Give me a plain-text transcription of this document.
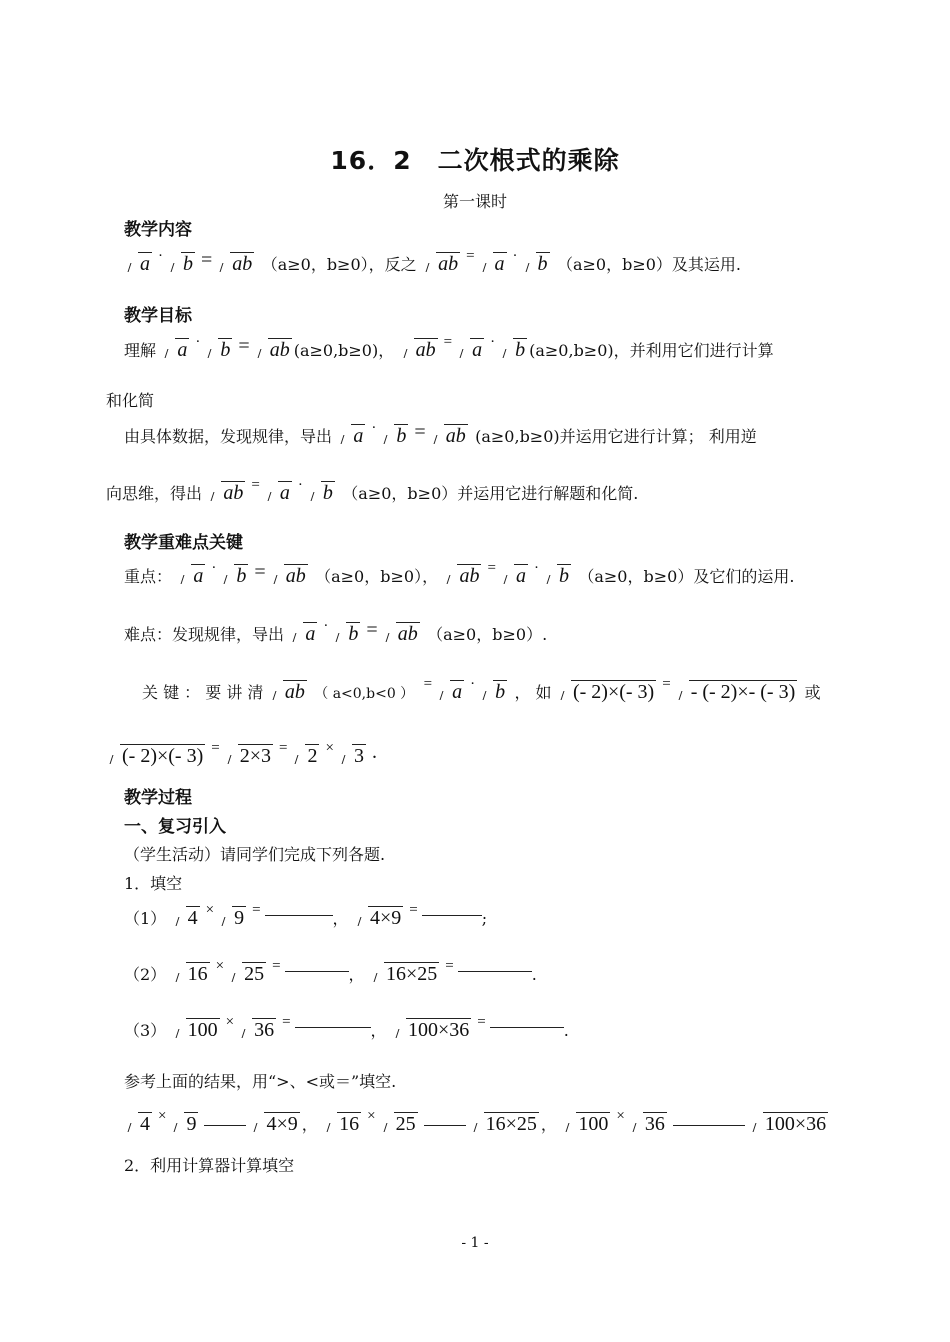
16．2　二次根式的乘除
第一课时
教学内容
a ·	b =	ab （a≥0，b≥0），反之	ab =	a ·	b （a≥0，b≥0）及其运用.
教学目标
理解	a ·	b =	ab (a≥0,b≥0)，	ab =	a ·	b (a≥0,b≥0)，并利用它们进行计算
和化简
由具体数据，发现规律，导出	a ·	b =	ab (a≥0,b≥0)并运用它进行计算； 利用逆
向思维，得出	ab =	a ·	b （a≥0，b≥0）并运用它进行解题和化简.
教学重难点关键
重点：	a ·	b =	ab （a≥0，b≥0），	ab =	a ·	b （a≥0，b≥0）及它们的运用.
难点：发现规律，导出	a ·	b =	ab （a≥0，b≥0）.
关 键 ： 要 讲 清	ab （ a<0,b<0 ）
=	a ·	b ， 如	(- 2)×(- 3) =	- (- 2)×- (- 3) 或
(- 2)×(- 3) =	2×3 =	2 ×	3 .
教学过程
一、复习引入
（学生活动）请同学们完成下列各题.
1．填空
（1）	4 ×	9 =	，	4×9 =	;
（2）	16 ×	25 =	，	16×25 =	.
（3）	100 ×	36 =	，	100×36 =	.
参考上面的结果，用“>、<或＝”填空.
4 ×	9	4×9 ，	16 ×	25	16×25 ，	100 ×	36	100×36
2．利用计算器计算填空
- 1 -
